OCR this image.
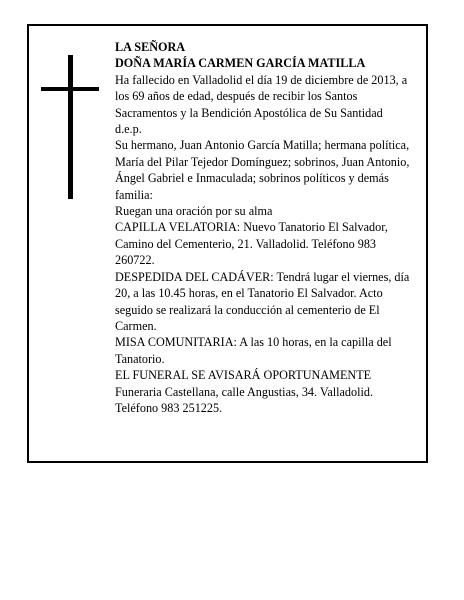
LA SEÑORA

DOÑA MARÍA CARMEN GARCÍA MATILLA

Ha fallecido en Valladolid el día 19 de diciembre de 2013, a los 69 años de edad, después de recibir los Santos Sacramentos y la Bendición Apostólica de Su Santidad

d.e.p.

Su hermano, Juan Antonio García Matilla; hermana política, María del Pilar Tejedor Domínguez; sobrinos, Juan Antonio, Ángel Gabriel e Inmaculada; sobrinos políticos y demás familia:

Ruegan una oración por su alma

CAPILLA VELATORIA: Nuevo Tanatorio El Salvador, Camino del Cementerio, 21. Valladolid. Teléfono 983 260722.

DESPEDIDA DEL CADÁVER: Tendrá lugar el viernes, día 20, a las 10.45 horas, en el Tanatorio El Salvador. Acto seguido se realizará la conducción al cementerio de El Carmen.

MISA COMUNITARIA: A las 10 horas, en la capilla del Tanatorio.

EL FUNERAL SE AVISARÁ OPORTUNAMENTE

Funeraria Castellana, calle Angustias, 34. Valladolid. Teléfono 983 251225.
